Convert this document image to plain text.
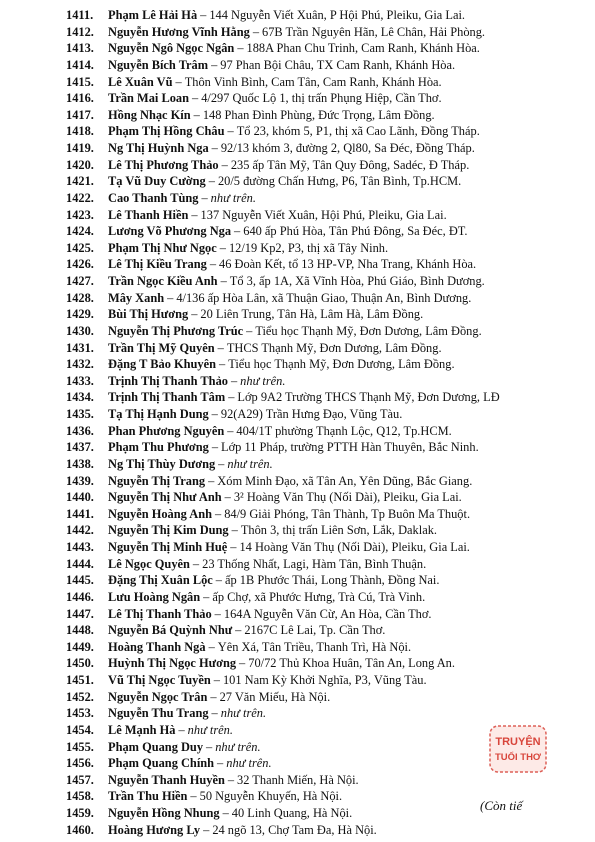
1411.	Phạm Lê Hải Hà – 144 Nguyễn Viết Xuân, P Hội Phú, Pleiku, Gia Lai.
1412.	Nguyễn Hương Vĩnh Hằng – 67B Trần Nguyên Hãn, Lê Chân, Hải Phòng.
1413.	Nguyễn Ngô Ngọc Ngân – 188A Phan Chu Trinh, Cam Ranh, Khánh Hòa.
1414.	Nguyễn Bích Trâm – 97 Phan Bội Châu, TX Cam Ranh, Khánh Hòa.
1415.	Lê Xuân Vũ – Thôn Vinh Bình, Cam Tân, Cam Ranh, Khánh Hòa.
1416.	Trần Mai Loan – 4/297 Quốc Lộ 1, thị trấn Phụng Hiệp, Cần Thơ.
1417.	Hồng Nhạc Kín – 148 Phan Đình Phùng, Đức Trọng, Lâm Đồng.
1418.	Phạm Thị Hồng Châu – Tổ 23, khóm 5, P1, thị xã Cao Lãnh, Đồng Tháp.
1419.	Ng Thị Huỳnh Nga – 92/13 khóm 3, đường 2, Ql80, Sa Đéc, Đồng Tháp.
1420.	Lê Thị Phương Thảo – 235 ấp Tân Mỹ, Tân Quy Đông, Sadéc, Đ Tháp.
1421.	Tạ Vũ Duy Cường – 20/5 đường Chấn Hưng, P6, Tân Bình, Tp.HCM.
1422.	Cao Thanh Tùng – như trên.
1423.	Lê Thanh Hiền – 137 Nguyễn Viết Xuân, Hội Phú, Pleiku, Gia Lai.
1424.	Lương Võ Phương Nga – 640 ấp Phú Hòa, Tân Phú Đông, Sa Đéc, ĐT.
1425.	Phạm Thị Như Ngọc – 12/19 Kp2, P3, thị xã Tây Ninh.
1426.	Lê Thị Kiều Trang – 46 Đoàn Kết, tổ 13 HP-VP, Nha Trang, Khánh Hòa.
1427.	Trần Ngọc Kiều Anh – Tổ 3, ấp 1A, Xã Vĩnh Hòa, Phú Giáo, Bình Dương.
1428.	Mây Xanh – 4/136 ấp Hòa Lân, xã Thuận Giao, Thuận An, Bình Dương.
1429.	Bùi Thị Hương – 20 Liên Trung, Tân Hà, Lâm Hà, Lâm Đồng.
1430.	Nguyễn Thị Phương Trúc – Tiểu học Thạnh Mỹ, Đơn Dương, Lâm Đồng.
1431.	Trần Thị Mỹ Quyên – THCS Thạnh Mỹ, Đơn Dương, Lâm Đồng.
1432.	Đặng T Bảo Khuyên – Tiểu học Thạnh Mỹ, Đơn Dương, Lâm Đồng.
1433.	Trịnh Thị Thanh Thảo – như trên.
1434.	Trịnh Thị Thanh Tâm – Lớp 9A2 Trường THCS Thạnh Mỹ, Đơn Dương, LĐ
1435.	Tạ Thị Hạnh Dung – 92(A29) Trần Hưng Đạo, Vũng Tàu.
1436.	Phan Phương Nguyên – 404/1T phường Thạnh Lộc, Q12, Tp.HCM.
1437.	Phạm Thu Phương – Lớp 11 Pháp, trường PTTH Hàn Thuyên, Bắc Ninh.
1438.	Ng Thị Thùy Dương – như trên.
1439.	Nguyễn Thị Trang – Xóm Minh Đạo, xã Tân An, Yên Dũng, Bắc Giang.
1440.	Nguyễn Thị Như Anh – 3² Hoàng Văn Thụ (Nối Dài), Pleiku, Gia Lai.
1441.	Nguyễn Hoàng Anh – 84/9 Giải Phóng, Tân Thành, Tp Buôn Ma Thuột.
1442.	Nguyễn Thị Kim Dung – Thôn 3, thị trấn Liên Sơn, Lắk, Daklak.
1443.	Nguyễn Thị Minh Huệ – 14 Hoàng Văn Thụ (Nối Dài), Pleiku, Gia Lai.
1444.	Lê Ngọc Quyên – 23 Thống Nhất, Lagi, Hàm Tân, Bình Thuận.
1445.	Đặng Thị Xuân Lộc – ấp 1B Phước Thái, Long Thành, Đồng Nai.
1446.	Lưu Hoàng Ngân – ấp Chợ, xã Phước Hưng, Trà Cú, Trà Vinh.
1447.	Lê Thị Thanh Thảo – 164A Nguyễn Văn Cừ, An Hòa, Cần Thơ.
1448.	Nguyễn Bá Quỳnh Như – 2167C Lê Lai, Tp. Cần Thơ.
1449.	Hoàng Thanh Ngà – Yên Xá, Tân Triều, Thanh Trì, Hà Nội.
1450.	Huỳnh Thị Ngọc Hương – 70/72 Thủ Khoa Huân, Tân An, Long An.
1451.	Vũ Thị Ngọc Tuyền – 101 Nam Kỳ Khởi Nghĩa, P3, Vũng Tàu.
1452.	Nguyễn Ngọc Trân – 27 Văn Miếu, Hà Nội.
1453.	Nguyễn Thu Trang – như trên.
1454.	Lê Mạnh Hà – như trên.
1455.	Phạm Quang Duy – như trên.
1456.	Phạm Quang Chính – như trên.
1457.	Nguyễn Thanh Huyền – 32 Thanh Miến, Hà Nội.
1458.	Trần Thu Hiền – 50 Nguyễn Khuyến, Hà Nội.
1459.	Nguyễn Hồng Nhung – 40 Linh Quang, Hà Nội.
1460.	Hoàng Hương Ly – 24 ngõ 13, Chợ Tam Đa, Hà Nội.
TRUYỆN
TUỔI THƠ
(Còn tiế
